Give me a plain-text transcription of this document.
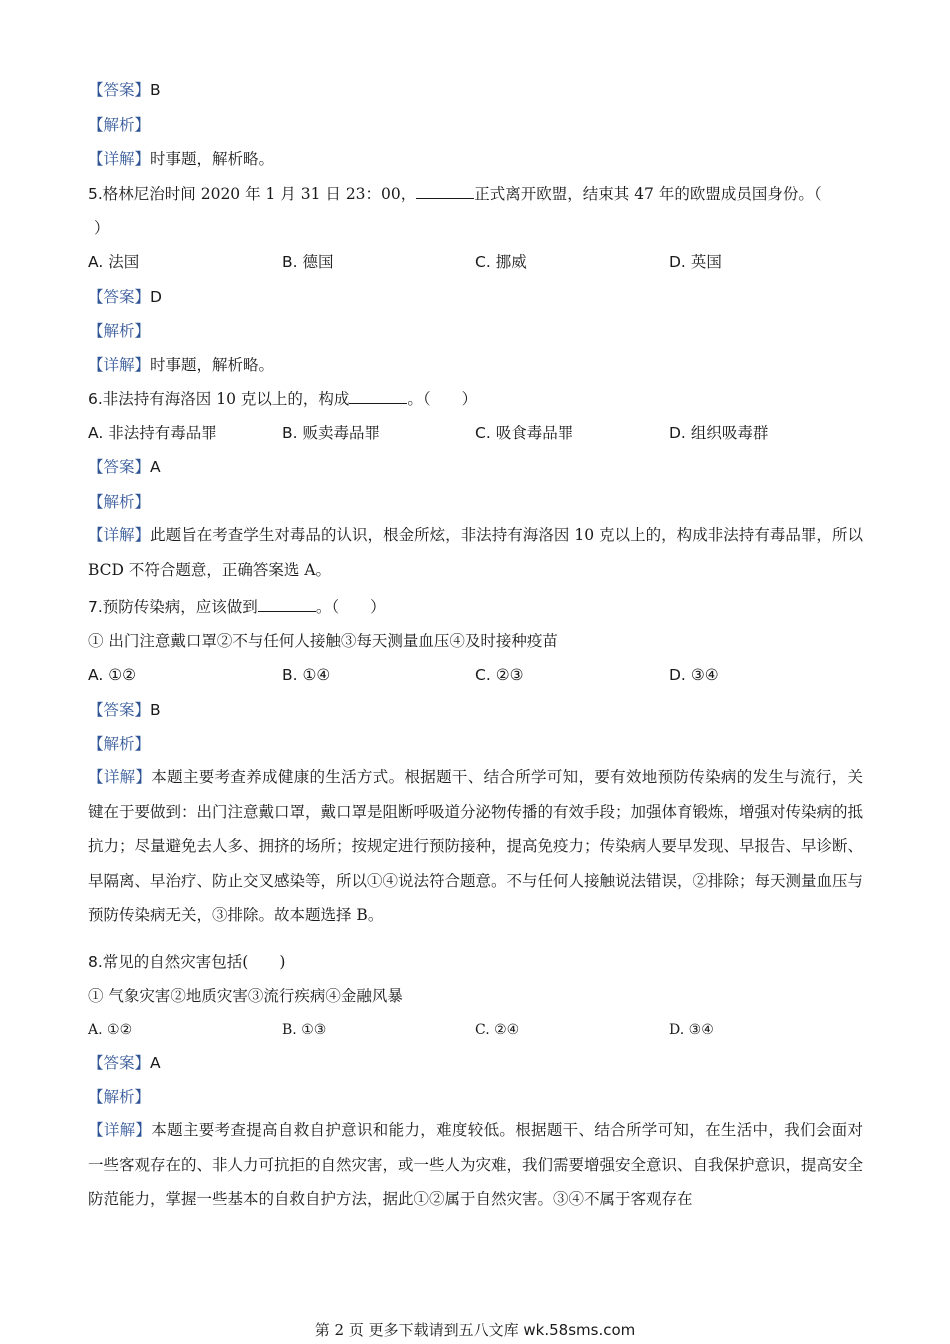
【答案】B
【解析】
【详解】时事题，解析略。
5.格林尼治时间 2020 年 1 月 31 日 23：00，	正式离开欧盟，结束其 47 年的欧盟成员国身份。（
）
A. 法国	B. 德国	C. 挪威	D. 英国
【答案】D
【解析】
【详解】时事题，解析略。
6.非法持有海洛因 10 克以上的，构成	。（　　）
A. 非法持有毒品罪	B. 贩卖毒品罪	C. 吸食毒品罪	D. 组织吸毒群
【答案】A
【解析】
【详解】此题旨在考查学生对毒品的认识，根金所炫，非法持有海洛因 10 克以上的，构成非法持有毒品罪，所以 BCD 不符合题意，正确答案选 A。
7.预防传染病，应该做到	。（　　）
① 出门注意戴口罩②不与任何人接触③每天测量血压④及时接种疫苗
A. ①②	B. ①④	C. ②③	D. ③④
【答案】B
【解析】
【详解】本题主要考查养成健康的生活方式。根据题干、结合所学可知，要有效地预防传染病的发生与流行，关键在于要做到：出门注意戴口罩，戴口罩是阻断呼吸道分泌物传播的有效手段；加强体育锻炼，增强对传染病的抵抗力；尽量避免去人多、拥挤的场所；按规定进行预防接种，提高免疫力；传染病人要早发现、早报告、早诊断、早隔离、早治疗、防止交叉感染等，所以①④说法符合题意。不与任何人接触说法错误，②排除；每天测量血压与预防传染病无关，③排除。故本题选择 B。
8.常见的自然灾害包括(　　)
① 气象灾害②地质灾害③流行疾病④金融风暴
A. ①②	B. ①③	C. ②④	D. ③④
【答案】A
【解析】
【详解】本题主要考查提高自救自护意识和能力，难度较低。根据题干、结合所学可知，在生活中，我们会面对一些客观存在的、非人力可抗拒的自然灾害，或一些人为灾难，我们需要增强安全意识、自我保护意识，提高安全防范能力，掌握一些基本的自救自护方法，据此①②属于自然灾害。③④不属于客观存在
第 2 页 更多下载请到五八文库 wk.58sms.com
